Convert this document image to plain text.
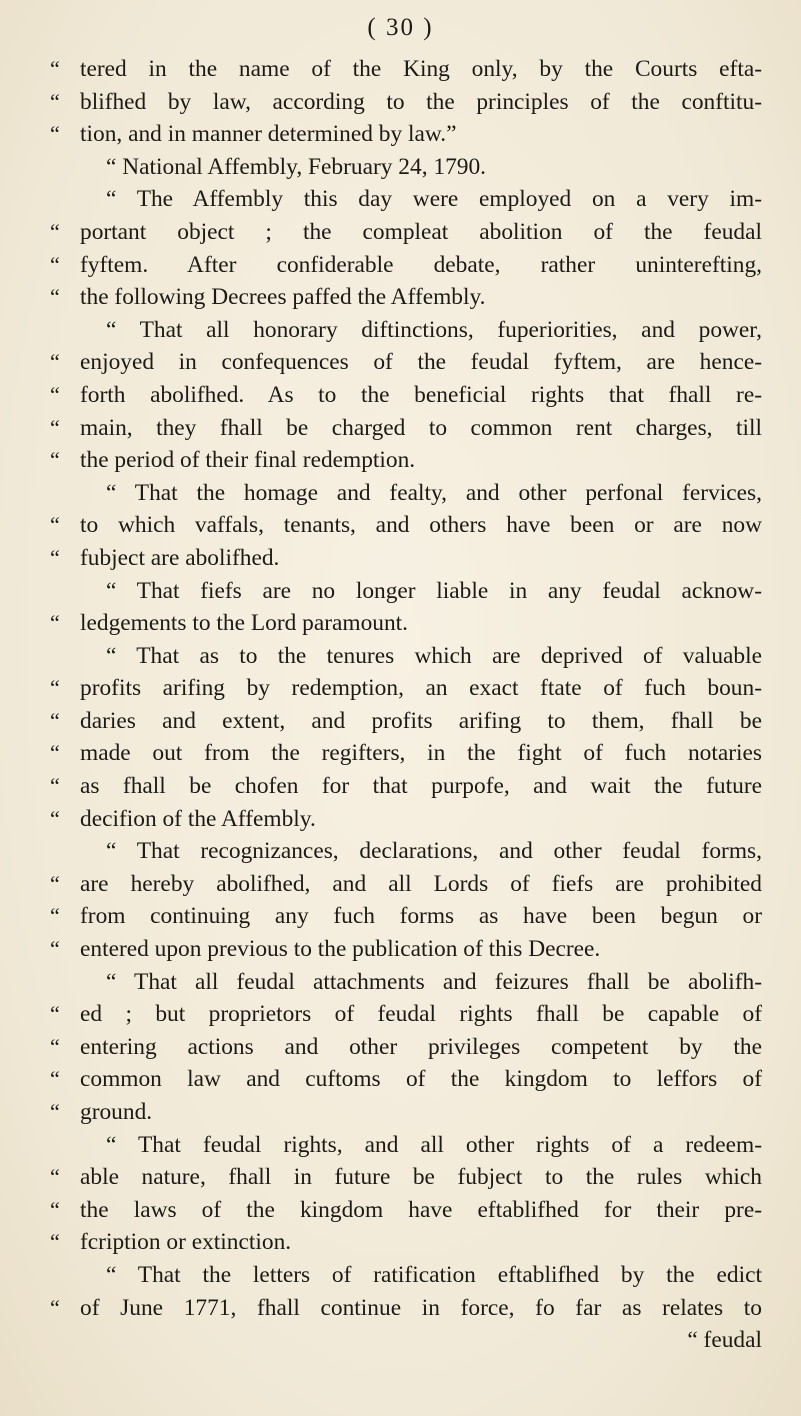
( 30 )
“ tered in the name of the King only, by the Courts efta-
“ blifhed by law, according to the principles of the conftitu-
“ tion, and in manner determined by law.”
“ National Affembly, February 24, 1790.
“ The Affembly this day were employed on a very im-
“ portant object ; the compleat abolition of the feudal
“ fyftem. After confiderable debate, rather uninterefting,
“ the following Decrees paffed the Affembly.
“ That all honorary diftinctions, fuperiorities, and power,
“ enjoyed in confequences of the feudal fyftem, are hence-
“ forth abolifhed. As to the beneficial rights that fhall re-
“ main, they fhall be charged to common rent charges, till
“ the period of their final redemption.
“ That the homage and fealty, and other perfonal fervices,
“ to which vaffals, tenants, and others have been or are now
“ fubject are abolifhed.
“ That fiefs are no longer liable in any feudal acknow-
“ ledgements to the Lord paramount.
“ That as to the tenures which are deprived of valuable
“ profits arifing by redemption, an exact ftate of fuch boun-
“ daries and extent, and profits arifing to them, fhall be
“ made out from the regifters, in the fight of fuch notaries
“ as fhall be chofen for that purpofe, and wait the future
“ decifion of the Affembly.
“ That recognizances, declarations, and other feudal forms,
“ are hereby abolifhed, and all Lords of fiefs are prohibited
“ from continuing any fuch forms as have been begun or
“ entered upon previous to the publication of this Decree.
“ That all feudal attachments and feizures fhall be abolifh-
“ ed ; but proprietors of feudal rights fhall be capable of
“ entering actions and other privileges competent by the
“ common law and cuftoms of the kingdom to leffors of
“ ground.
“ That feudal rights, and all other rights of a redeem-
“ able nature, fhall in future be fubject to the rules which
“ the laws of the kingdom have eftablifhed for their pre-
“ fcription or extinction.
“ That the letters of ratification eftablifhed by the edict
“ of June 1771, fhall continue in force, fo far as relates to
“ feudal
